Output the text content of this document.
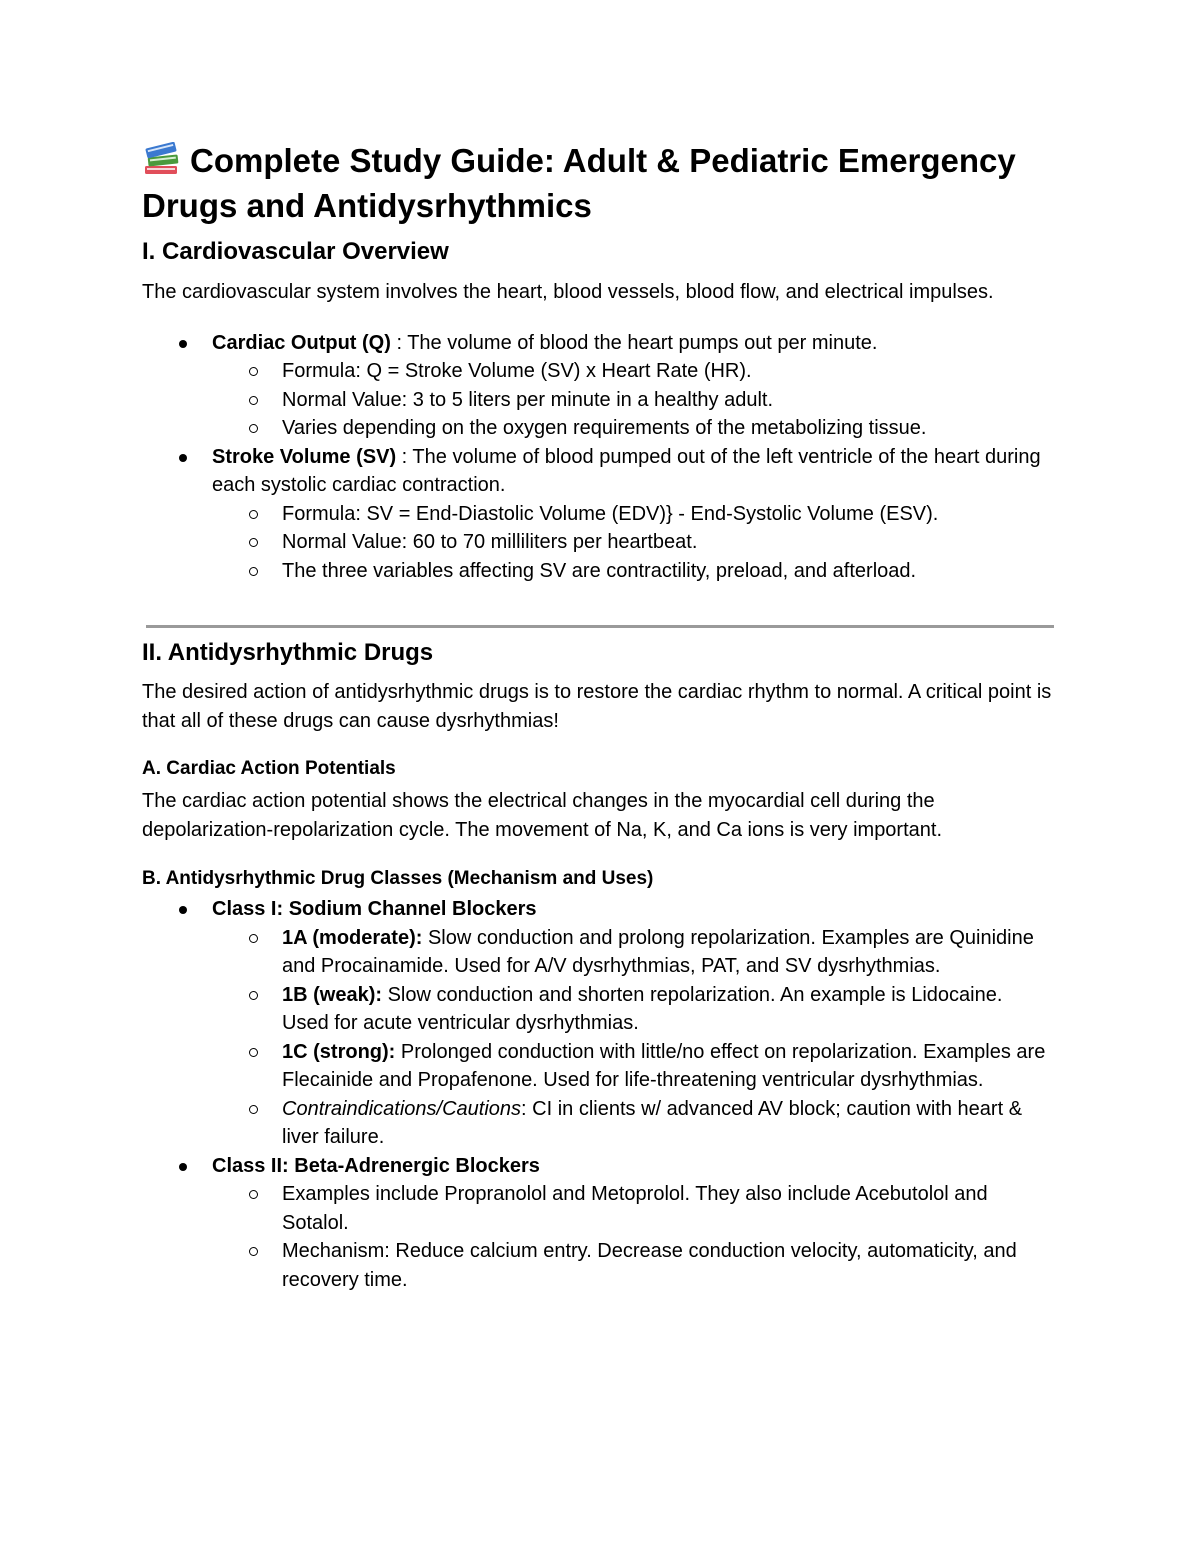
Complete Study Guide: Adult & Pediatric Emergency
Drugs and Antidysrhythmics
I. Cardiovascular Overview

The cardiovascular system involves the heart, blood vessels, blood flow, and electrical impulses.

Cardiac Output (Q) : The volume of blood the heart pumps out per minute.
Formula: Q = Stroke Volume (SV) x Heart Rate (HR).
Normal Value: 3 to 5 liters per minute in a healthy adult.
Varies depending on the oxygen requirements of the metabolizing tissue.
Stroke Volume (SV) : The volume of blood pumped out of the left ventricle of the heart during each systolic cardiac contraction.
Formula: SV = End-Diastolic Volume (EDV)} - End-Systolic Volume (ESV).
Normal Value: 60 to 70 milliliters per heartbeat.
The three variables affecting SV are contractility, preload, and afterload.
II. Antidysrhythmic Drugs

The desired action of antidysrhythmic drugs is to restore the cardiac rhythm to normal. A critical point is that all of these drugs can cause dysrhythmias!

A. Cardiac Action Potentials

The cardiac action potential shows the electrical changes in the myocardial cell during the depolarization-repolarization cycle. The movement of Na, K, and Ca ions is very important.

B. Antidysrhythmic Drug Classes (Mechanism and Uses)
Class I: Sodium Channel Blockers
1A (moderate): Slow conduction and prolong repolarization. Examples are Quinidine and Procainamide. Used for A/V dysrhythmias, PAT, and SV dysrhythmias.
1B (weak): Slow conduction and shorten repolarization. An example is Lidocaine. Used for acute ventricular dysrhythmias.
1C (strong): Prolonged conduction with little/no effect on repolarization. Examples are Flecainide and Propafenone. Used for life-threatening ventricular dysrhythmias.
Contraindications/Cautions: CI in clients w/ advanced AV block; caution with heart & liver failure.
Class II: Beta-Adrenergic Blockers
Examples include Propranolol and Metoprolol. They also include Acebutolol and Sotalol.
Mechanism: Reduce calcium entry. Decrease conduction velocity, automaticity, and recovery time.
